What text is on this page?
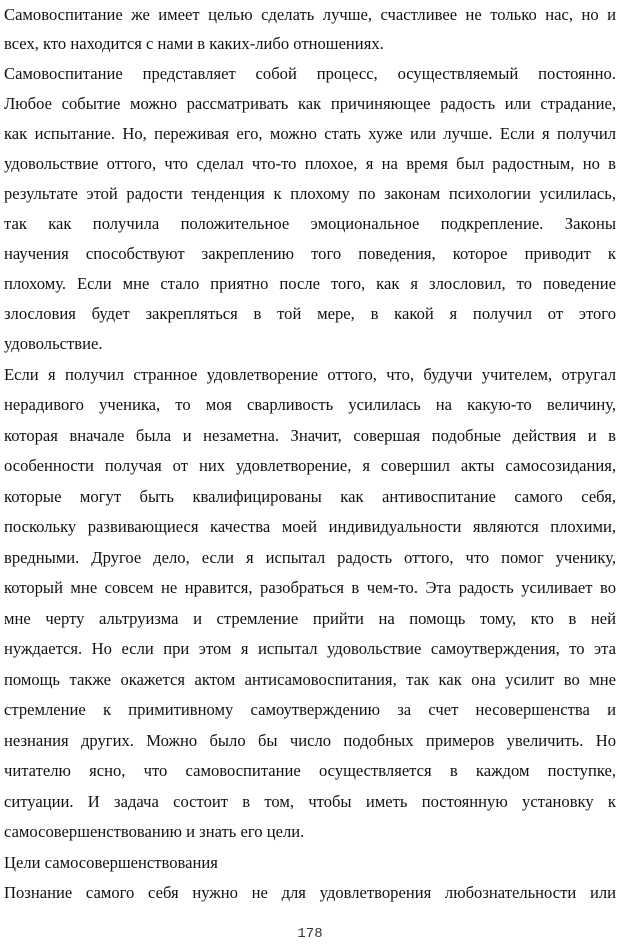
Самовоспитание же имеет целью сделать лучше, счастливее не только нас, но и
всех, кто находится с нами в каких-либо отношениях.
Самовоспитание представляет собой процесс, осуществляемый постоянно.
Любое событие можно рассматривать как причиняющее радость или страдание,
как испытание. Но, переживая его, можно стать хуже или лучше. Если я получил
удовольствие оттого, что сделал что-то плохое, я на время был радостным, но в
результате этой радости тенденция к плохому по законам психологии усилилась,
так как получила положительное эмоциональное подкрепление. Законы
научения способствуют закреплению того поведения, которое приводит к
плохому. Если мне стало приятно после того, как я злословил, то поведение
злословия будет закрепляться в той мере, в какой я получил от этого
удовольствие.
Если я получил странное удовлетворение оттого, что, будучи учителем, отругал
нерадивого ученика, то моя сварливость усилилась на какую-то величину,
которая вначале была и незаметна. Значит, совершая подобные действия и в
особенности получая от них удовлетворение, я совершил акты самосозидания,
которые могут быть квалифицированы как антивоспитание самого себя,
поскольку развивающиеся качества моей индивидуальности являются плохими,
вредными. Другое дело, если я испытал радость оттого, что помог ученику,
который мне совсем не нравится, разобраться в чем-то. Эта радость усиливает во
мне черту альтруизма и стремление прийти на помощь тому, кто в ней
нуждается. Но если при этом я испытал удовольствие самоутверждения, то эта
помощь также окажется актом антисамовоспитания, так как она усилит во мне
стремление к примитивному самоутверждению за счет несовершенства и
незнания других. Можно было бы число подобных примеров увеличить. Но
читателю ясно, что самовоспитание осуществляется в каждом поступке,
ситуации. И задача состоит в том, чтобы иметь постоянную установку к
самосовершенствованию и знать его цели.
Цели самосовершенствования
Познание самого себя нужно не для удовлетворения любознательности или
178
